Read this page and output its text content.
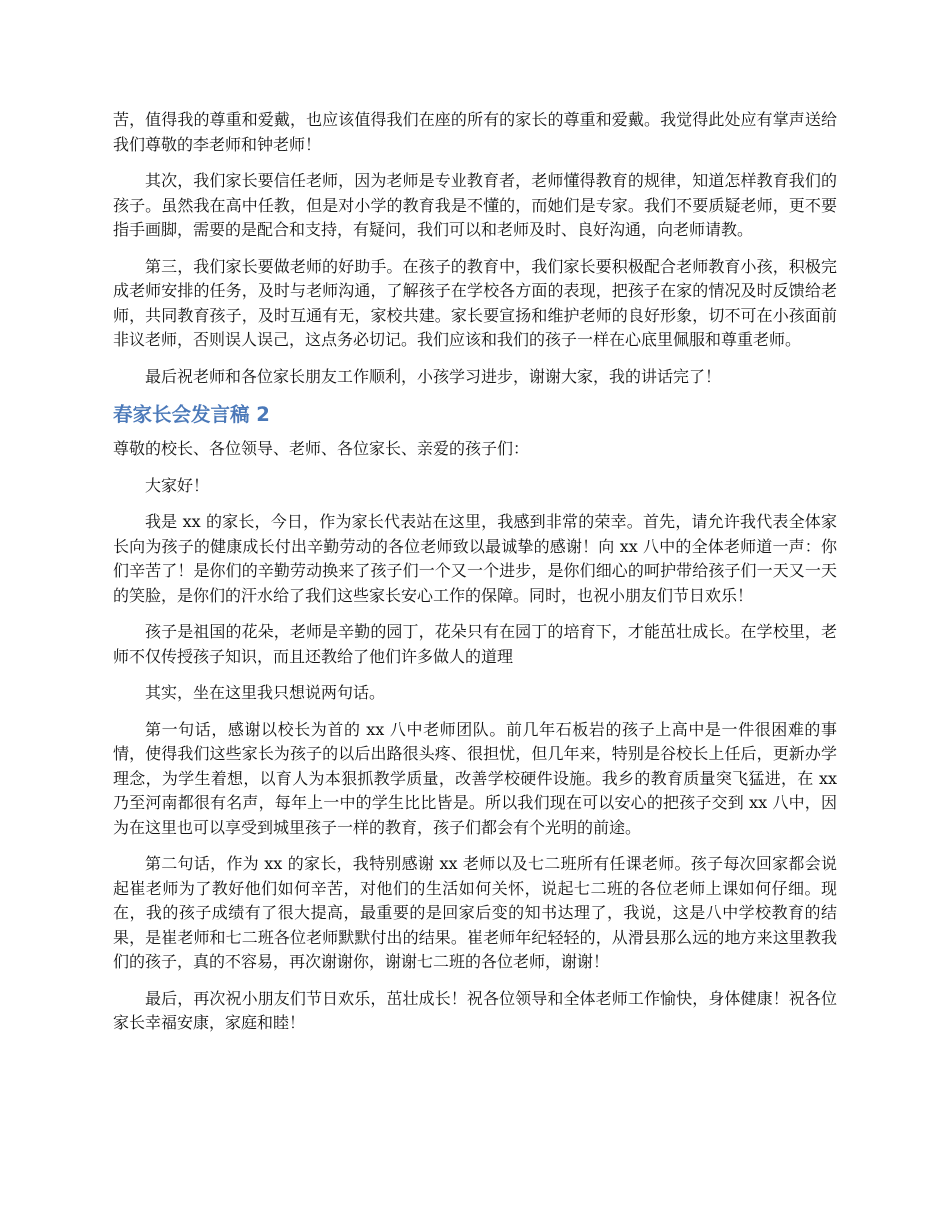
苦，值得我的尊重和爱戴，也应该值得我们在座的所有的家长的尊重和爱戴。我觉得此处应有掌声送给我们尊敬的李老师和钟老师！

其次，我们家长要信任老师，因为老师是专业教育者，老师懂得教育的规律，知道怎样教育我们的孩子。虽然我在高中任教，但是对小学的教育我是不懂的，而她们是专家。我们不要质疑老师，更不要指手画脚，需要的是配合和支持，有疑问，我们可以和老师及时、良好沟通，向老师请教。

第三，我们家长要做老师的好助手。在孩子的教育中，我们家长要积极配合老师教育小孩，积极完成老师安排的任务，及时与老师沟通，了解孩子在学校各方面的表现，把孩子在家的情况及时反馈给老师，共同教育孩子，及时互通有无，家校共建。家长要宣扬和维护老师的良好形象，切不可在小孩面前非议老师，否则误人误己，这点务必切记。我们应该和我们的孩子一样在心底里佩服和尊重老师。

最后祝老师和各位家长朋友工作顺利，小孩学习进步，谢谢大家，我的讲话完了！

春家长会发言稿 2

尊敬的校长、各位领导、老师、各位家长、亲爱的孩子们：

大家好！

我是 xx 的家长，今日，作为家长代表站在这里，我感到非常的荣幸。首先，请允许我代表全体家长向为孩子的健康成长付出辛勤劳动的各位老师致以最诚挚的感谢！向 xx 八中的全体老师道一声：你们辛苦了！是你们的辛勤劳动换来了孩子们一个又一个进步，是你们细心的呵护带给孩子们一天又一天的笑脸，是你们的汗水给了我们这些家长安心工作的保障。同时，也祝小朋友们节日欢乐！

孩子是祖国的花朵，老师是辛勤的园丁，花朵只有在园丁的培育下，才能茁壮成长。在学校里，老师不仅传授孩子知识，而且还教给了他们许多做人的道理

其实，坐在这里我只想说两句话。

第一句话，感谢以校长为首的 xx 八中老师团队。前几年石板岩的孩子上高中是一件很困难的事情，使得我们这些家长为孩子的以后出路很头疼、很担忧，但几年来，特别是谷校长上任后，更新办学理念，为学生着想，以育人为本狠抓教学质量，改善学校硬件设施。我乡的教育质量突飞猛进，在 xx 乃至河南都很有名声，每年上一中的学生比比皆是。所以我们现在可以安心的把孩子交到 xx 八中，因为在这里也可以享受到城里孩子一样的教育，孩子们都会有个光明的前途。

第二句话，作为 xx 的家长，我特别感谢 xx 老师以及七二班所有任课老师。孩子每次回家都会说起崔老师为了教好他们如何辛苦，对他们的生活如何关怀，说起七二班的各位老师上课如何仔细。现在，我的孩子成绩有了很大提高，最重要的是回家后变的知书达理了，我说，这是八中学校教育的结果，是崔老师和七二班各位老师默默付出的结果。崔老师年纪轻轻的，从滑县那么远的地方来这里教我们的孩子，真的不容易，再次谢谢你，谢谢七二班的各位老师，谢谢！

最后，再次祝小朋友们节日欢乐，茁壮成长！祝各位领导和全体老师工作愉快，身体健康！祝各位家长幸福安康，家庭和睦！
